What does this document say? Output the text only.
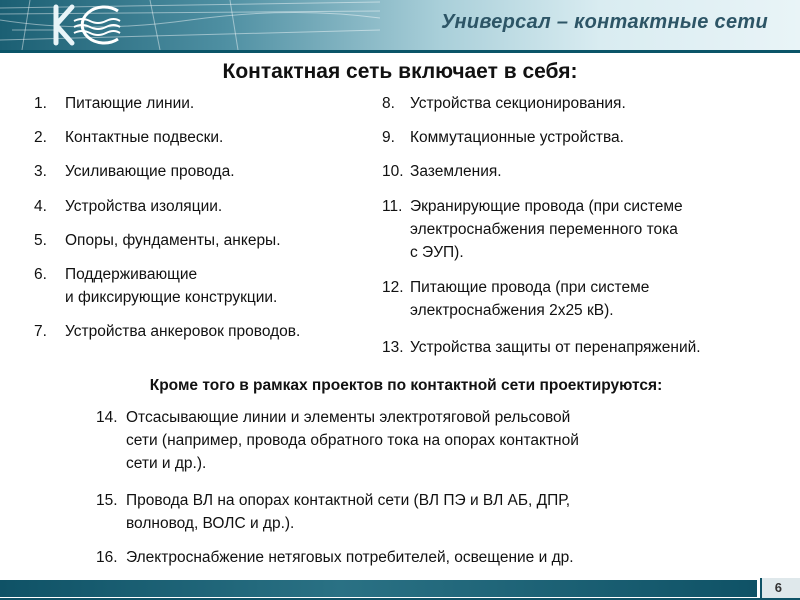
Универсал – контактные сети
Контактная сеть включает в себя:
1. Питающие линии.
2. Контактные подвески.
3. Усиливающие провода.
4. Устройства изоляции.
5. Опоры, фундаменты, анкеры.
6. Поддерживающие
и фиксирующие конструкции.
7. Устройства анкеровок проводов.
8. Устройства секционирования.
9. Коммутационные устройства.
10. Заземления.
11. Экранирующие провода (при системе
электроснабжения переменного тока
с ЭУП).
12. Питающие провода (при системе
электроснабжения 2х25 кВ).
13. Устройства защиты от перенапряжений.
Кроме того в рамках проектов по контактной сети проектируются:
14. Отсасывающие линии и элементы электротяговой рельсовой
сети (например, провода обратного тока на опорах контактной
сети и др.).
15. Провода ВЛ на опорах контактной сети (ВЛ ПЭ и ВЛ АБ, ДПР,
волновод, ВОЛС и др.).
16. Электроснабжение нетяговых потребителей, освещение и др.
6
